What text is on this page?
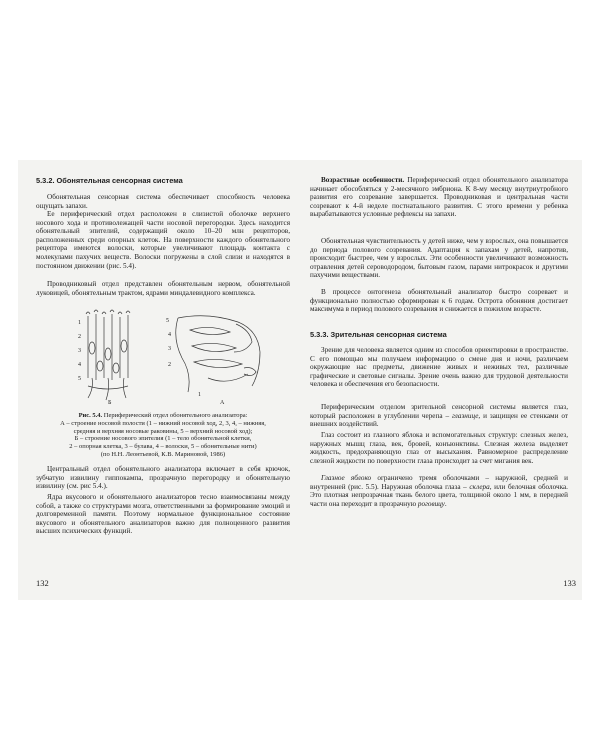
5.3.2. Обонятельная сенсорная система

Обонятельная сенсорная система обеспечивает способность человека ощущать запахи.

Ее периферический отдел расположен в слизистой оболочке верхнего носового хода и противолежащей части носовой перегородки. Здесь находится обонятельный эпителий, содержащий около 10–20 млн рецепторов, расположенных среди опорных клеток. На поверхности каждого обонятельного рецептора имеются волоски, которые увеличивают площадь контакта с молекулами пахучих веществ. Волоски погружены в слой слизи и находятся в постоянном движении (рис. 5.4).

Проводниковый отдел представлен обонятельным нервом, обонятельной луковицей, обонятельным трактом, ядрами миндалевидного комплекса.

1
2
3
4
5
Б
5
4
3
2
1
А
Рис. 5.4. Периферический отдел обонятельного анализатора:
А – строение носовой полости (1 – нижний носовой ход, 2, 3, 4, – нижняя,
средняя и верхняя носовые раковины, 5 – верхний носовой ход);
Б – строение носового эпителия (1 – тело обонятельной клетки,
2 – опорная клетка, 3 – булава, 4 – волоски, 5 – обонятельные нити)
(по Н.Н. Леонтьевой, К.В. Маринoвой, 1986)

Центральный отдел обонятельного анализатора включает в себя крючок, зубчатую извилину гиппокампа, прозрачную перегородку и обонятельную извилину (см. рис 5.4.).

Ядра вкусового и обонятельного анализаторов тесно взаимосвязаны между собой, а также со структурами мозга, ответственными за формирование эмоций и долговременной памяти. Поэтому нормальное функциональное состояние вкусового и обонятельного анализаторов важно для полноценного развития высших психических функций.

132

Возрастные особенности. Периферический отдел обонятельного анализатора начинает обособляться у 2-месячного эмбриона. К 8-му месяцу внутриутробного развития его созревание завершается. Проводниковая и центральная части созревают к 4-й неделе постнатального развития. С этого времени у ребенка вырабатываются условные рефлексы на запахи.

Обонятельная чувствительность у детей ниже, чем у взрослых, она повышается до периода полового созревания. Адаптация к запахам у детей, напротив, происходит быстрее, чем у взрослых. Эти особенности увеличивают возможность отравления детей сероводородом, бытовым газом, парами нитрокрасок и другими пахучими веществами.

В процессе онтогенеза обонятельный анализатор быстро созревает и функционально полностью сформирован к 6 годам. Острота обоняния достигает максимума в период полового созревания и снижается в пожилом возрасте.

5.3.3. Зрительная сенсорная система

Зрение для человека является одним из способов ориентировки в пространстве. С его помощью мы получаем информацию о смене дня и ночи, различаем окружающие нас предметы, движение живых и неживых тел, различные графические и световые сигналы. Зрение очень важно для трудовой деятельности человека и обеспечения его безопасности.

Периферическим отделом зрительной сенсорной системы является глаз, который расположен в углублении черепа – глазнице, и защищен ее стенками от внешних воздействий.

Глаз состоит из глазного яблока и вспомогательных структур: слезных желез, наружных мышц глаза, век, бровей, конъюнктивы. Слезная железа выделяет жидкость, предохраняющую глаз от высыхания. Равномерное распределение слезной жидкости по поверхности глаза происходит за счет мигания век.

Глазное яблоко ограничено тремя оболочками – наружной, средней и внутренней (рис. 5.5). Наружная оболочка глаза – склера, или белочная оболочка. Это плотная непрозрачная ткань белого цвета, толщиной около 1 мм, в передней части она переходит в прозрачную роговицу.

133
